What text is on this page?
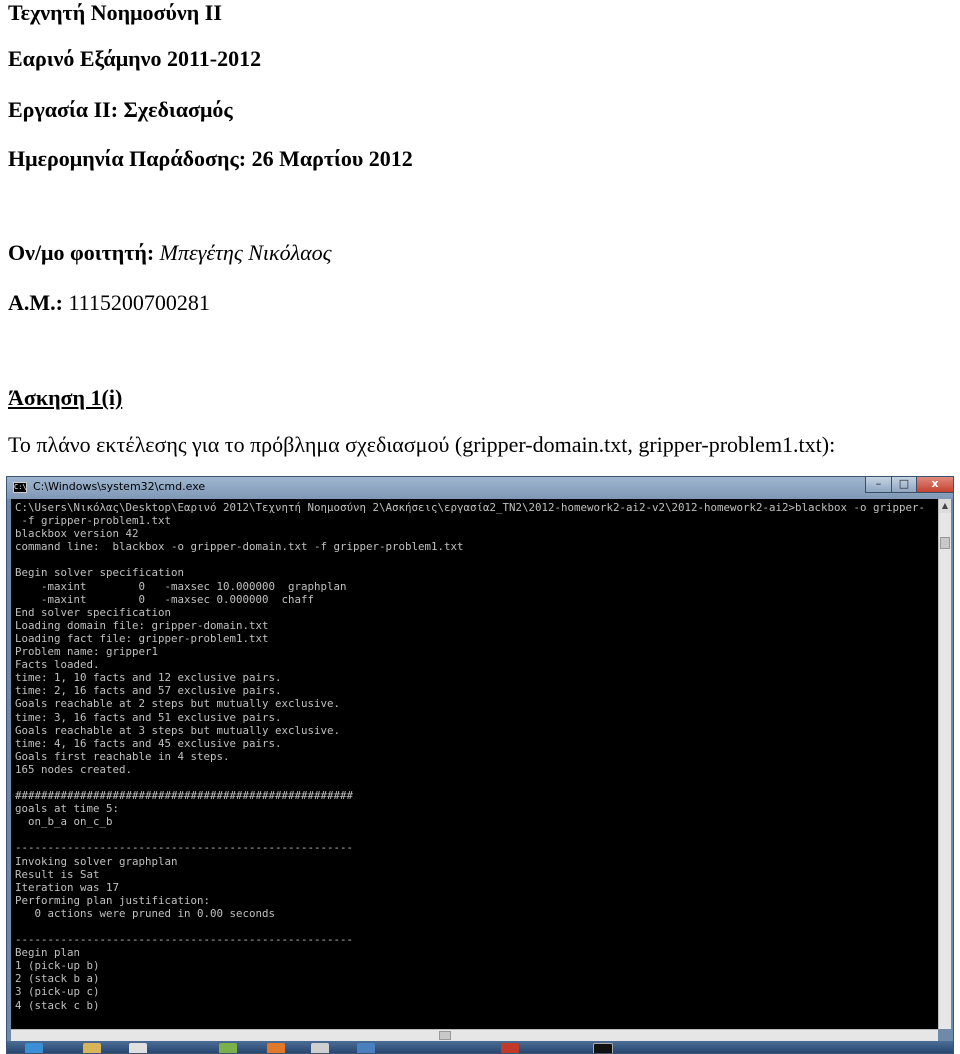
Τεχνητή Νοημοσύνη ΙΙ
Εαρινό Εξάμηνο 2011-2012
Εργασία ΙΙ: Σχεδιασμός
Ημερομηνία Παράδοσης: 26 Μαρτίου 2012
Ον/μο φοιτητή: Μπεγέτης Νικόλαος
Α.Μ.: 1115200700281
Άσκηση 1(i)
Το πλάνο εκτέλεσης για το πρόβλημα σχεδιασμού (gripper-domain.txt, gripper-problem1.txt):
C:\ C:\Windows\system32\cmd.exe	–	□	x
C:\Users\Νικόλας\Desktop\Εαρινό 2012\Τεχνητή Νοημοσύνη 2\Ασκήσεις\εργασία2_TN2\2012-homework2-ai2-v2\2012-homework2-ai2>blackbox -o gripper-
-f gripper-problem1.txt
blackbox version 42
command line:  blackbox -o gripper-domain.txt -f gripper-problem1.txt

Begin solver specification
-maxint        0   -maxsec 10.000000  graphplan
-maxint        0   -maxsec 0.000000  chaff
End solver specification
Loading domain file: gripper-domain.txt
Loading fact file: gripper-problem1.txt
Problem name: gripper1
Facts loaded.
time: 1, 10 facts and 12 exclusive pairs.
time: 2, 16 facts and 57 exclusive pairs.
Goals reachable at 2 steps but mutually exclusive.
time: 3, 16 facts and 51 exclusive pairs.
Goals reachable at 3 steps but mutually exclusive.
time: 4, 16 facts and 45 exclusive pairs.
Goals first reachable in 4 steps.
165 nodes created.

####################################################
goals at time 5:
on_b_a on_c_b

----------------------------------------------------
Invoking solver graphplan
Result is Sat
Iteration was 17
Performing plan justification:
0 actions were pruned in 0.00 seconds

----------------------------------------------------
Begin plan
1 (pick-up b)
2 (stack b a)
3 (pick-up c)
4 (stack c b)

▲
